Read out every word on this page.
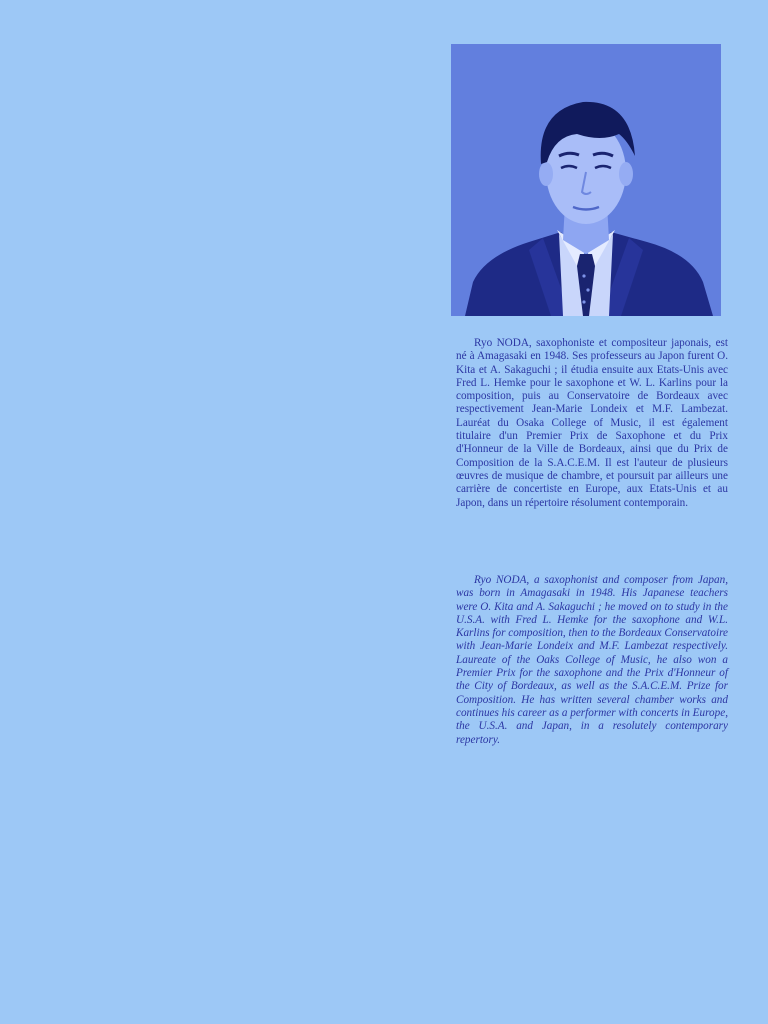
Ryo NODA, saxophoniste et compositeur japonais, est né à Amagasaki en 1948. Ses professeurs au Japon furent O. Kita et A. Sakaguchi ; il étudia ensuite aux Etats-Unis avec Fred L. Hemke pour le saxophone et W. L. Karlins pour la composition, puis au Conservatoire de Bordeaux avec respectivement Jean-Marie Londeix et M.F. Lambezat. Lauréat du Osaka College of Music, il est également titulaire d'un Premier Prix de Saxophone et du Prix d'Honneur de la Ville de Bordeaux, ainsi que du Prix de Composition de la S.A.C.E.M. Il est l'auteur de plusieurs œuvres de musique de chambre, et poursuit par ailleurs une carrière de concertiste en Europe, aux Etats-Unis et au Japon, dans un répertoire résolument contemporain.

Ryo NODA, a saxophonist and composer from Japan, was born in Amagasaki in 1948. His Japanese teachers were O. Kita and A. Sakaguchi ; he moved on to study in the U.S.A. with Fred L. Hemke for the saxophone and W.L. Karlins for composition, then to the Bordeaux Conservatoire with Jean-Marie Londeix and M.F. Lambezat respectively. Laureate of the Oaks College of Music, he also won a Premier Prix for the saxophone and the Prix d'Honneur of the City of Bordeaux, as well as the S.A.C.E.M. Prize for Composition. He has written several chamber works and continues his career as a performer with concerts in Europe, the U.S.A. and Japan, in a resolutely contemporary repertory.
